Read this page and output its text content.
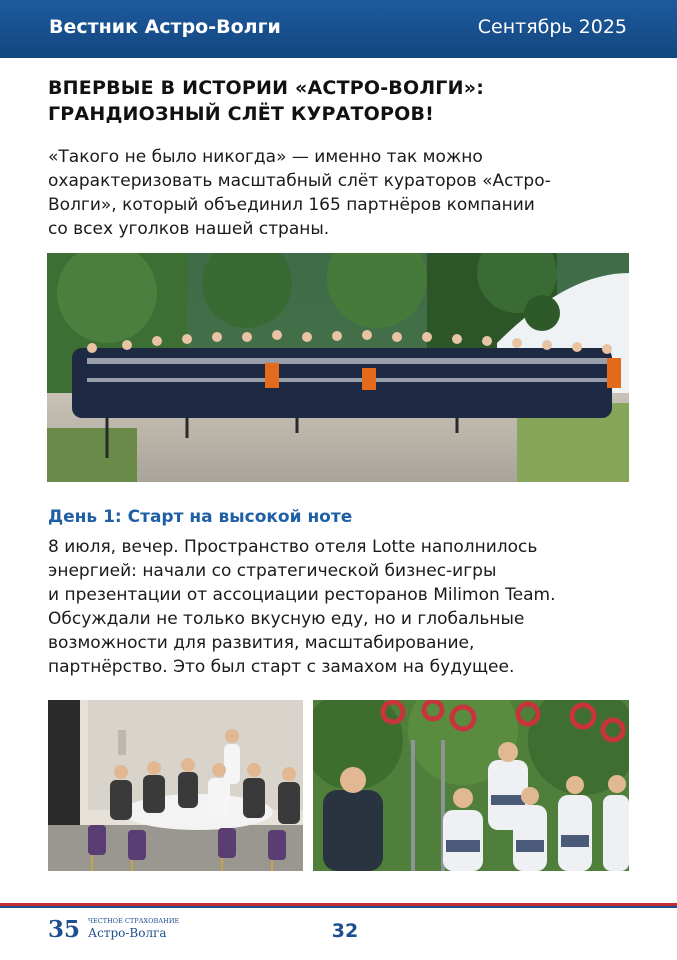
Вестник Астро-Волги	Сентябрь 2025
ВПЕРВЫЕ В ИСТОРИИ «АСТРО-ВОЛГИ»:
ГРАНДИОЗНЫЙ СЛЁТ КУРАТОРОВ!
«Такого не было никогда» — именно так можно
охарактеризовать масштабный слёт кураторов «Астро-
Волги», который объединил 165 партнёров компании
со всех уголков нашей страны.
День 1: Старт на высокой ноте
8 июля, вечер. Пространство отеля Lotte наполнилось
энергией: начали со стратегической бизнес-игры
и презентации от ассоциации ресторанов Milimon Team.
Обсуждали не только вкусную еду, но и глобальные
возможности для развития, масштабирование,
партнёрство. Это был старт с замахом на будущее.
35 ЧЕСТНОЕ СТРАХОВАНИЕ
Астро-Волга	32
